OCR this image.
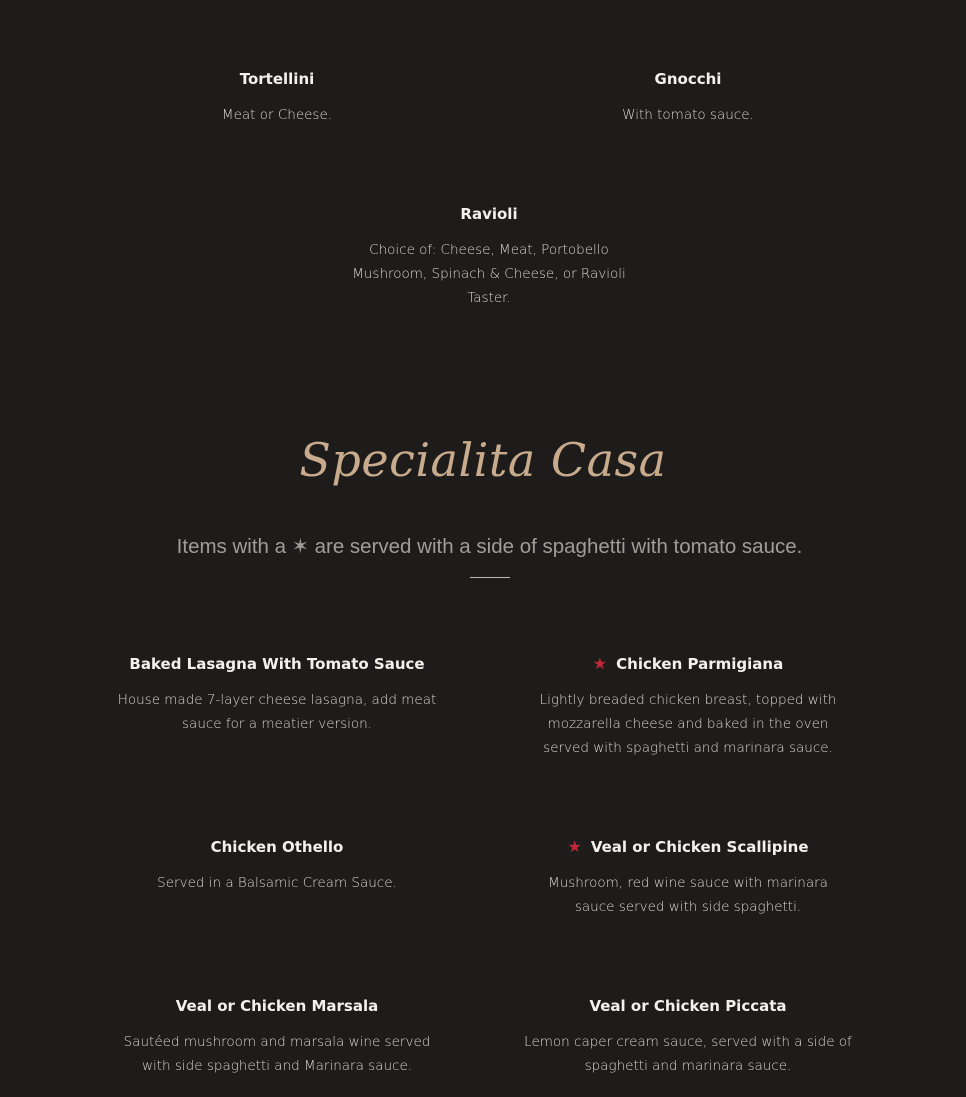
Tortellini
Meat or Cheese.
Gnocchi
With tomato sauce.
Ravioli
Choice of: Cheese, Meat, Portobello
Mushroom, Spinach & Cheese, or Ravioli
Taster.
Specialita Casa
Items with a ✶ are served with a side of spaghetti with tomato sauce.
Baked Lasagna With Tomato Sauce
House made 7-layer cheese lasagna, add meat
sauce for a meatier version.
★ Chicken Parmigiana
Lightly breaded chicken breast, topped with
mozzarella cheese and baked in the oven
served with spaghetti and marinara sauce.
Chicken Othello
Served in a Balsamic Cream Sauce.
★ Veal or Chicken Scallipine
Mushroom, red wine sauce with marinara
sauce served with side spaghetti.
Veal or Chicken Marsala
Sautéed mushroom and marsala wine served
with side spaghetti and Marinara sauce.
Veal or Chicken Piccata
Lemon caper cream sauce, served with a side of
spaghetti and marinara sauce.
